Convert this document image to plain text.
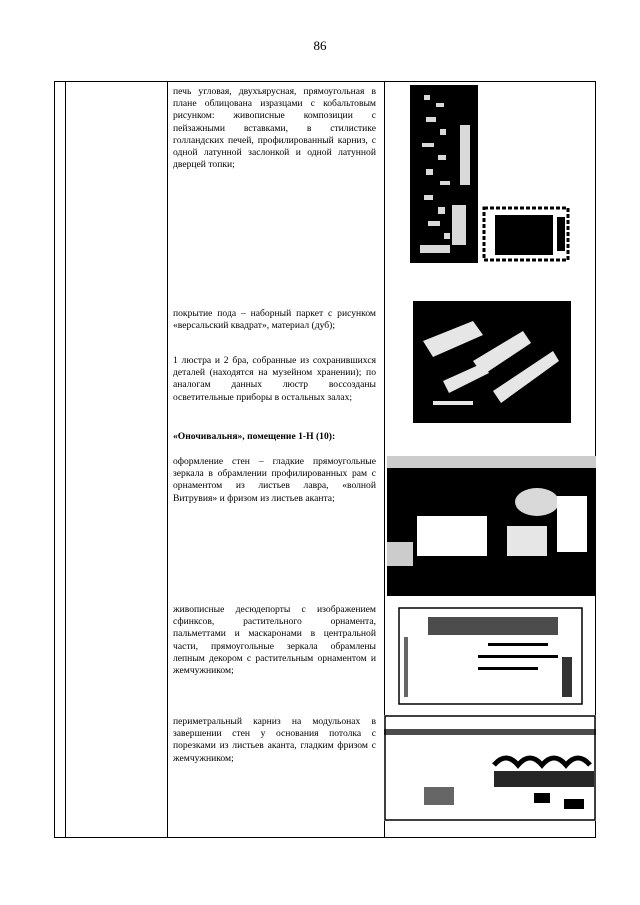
86
печь угловая, двухъярусная, прямоугольная в плане облицована изразцами с кобальтовым рисунком: живописные композиции с пейзажными вставками, в стилистике голландских печей, профилированный карниз, с одной латунной заслонкой и одной латунной дверцей топки;
покрытие пода – наборный паркет с рисунком «версальский квадрат», материал (дуб);
1 люстра и 2 бра, собранные из сохранившихся деталей (находятся на музейном хранении); по аналогам данных люстр воссозданы осветительные приборы в остальных залах;
«Оночивальня», помещение 1-Н (10):
оформление стен – гладкие прямоугольные зеркала в обрамлении профилированных рам с орнаментом из листьев лавра, «волной Витрувия» и фризом из листьев аканта;
живописные десюдепорты с изображением сфинксов, растительного орнамента, пальметтами и маскаронами в центральной части, прямоугольные зеркала обрамлены лепным декором с растительным орнаментом и жемчужником;
периметральный карниз на модульонах в завершении стен у основания потолка с порезками из листьев аканта, гладким фризом с жемчужником;
